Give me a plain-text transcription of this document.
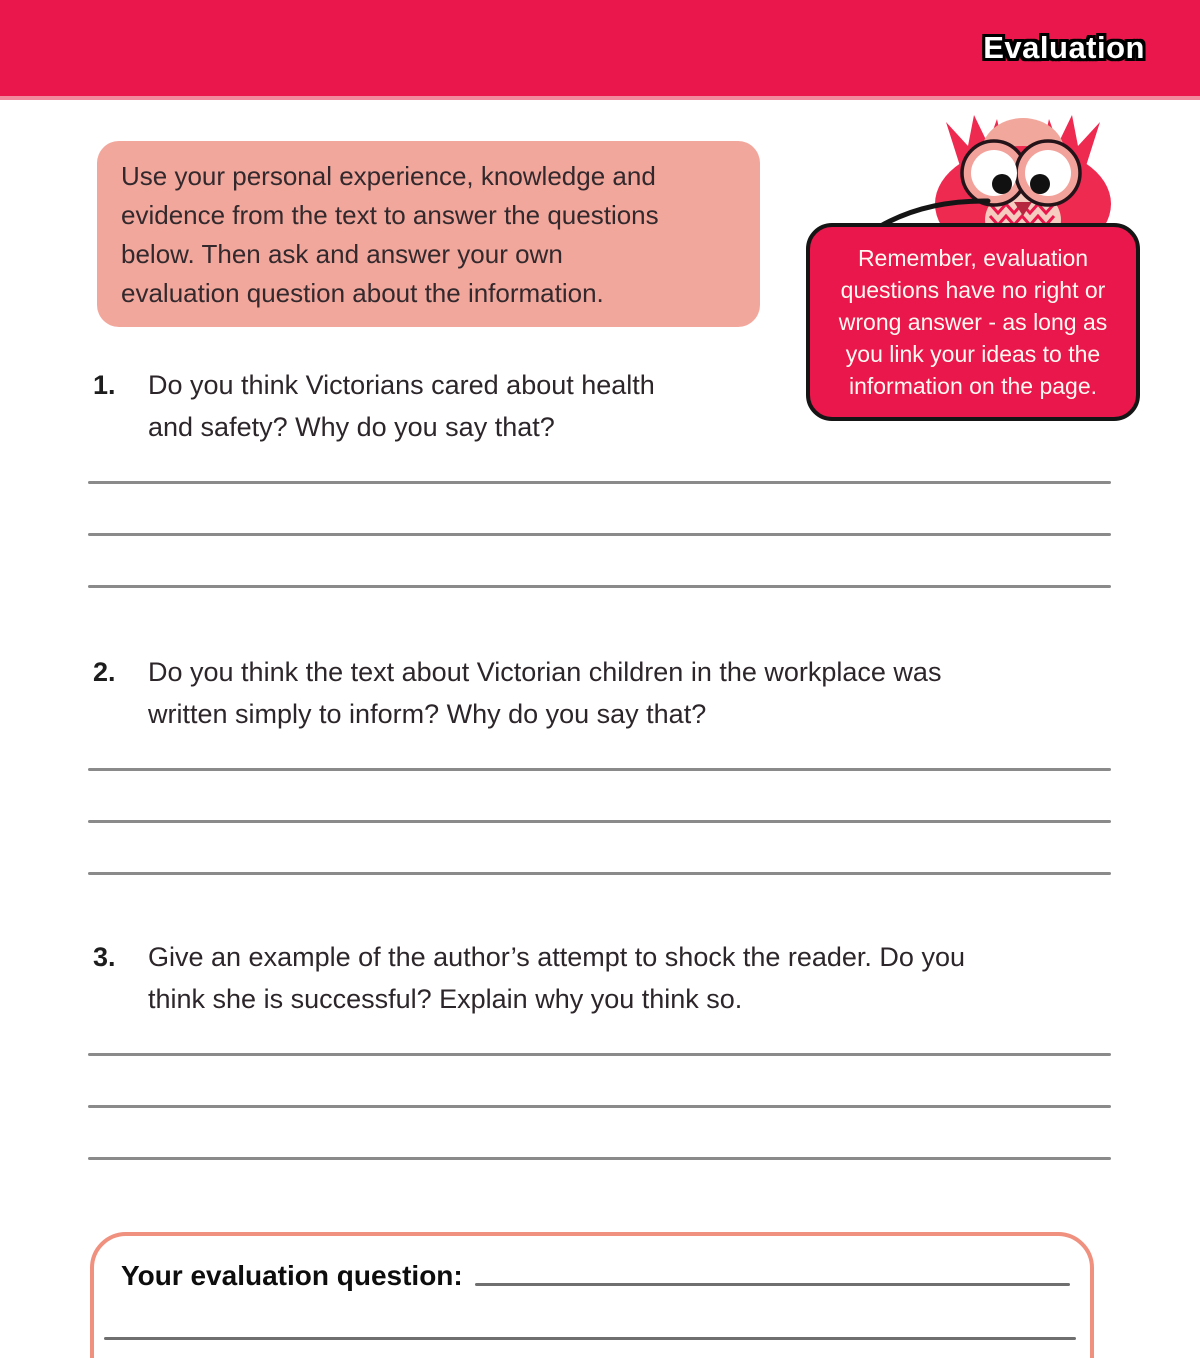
Evaluation

Use your personal experience, knowledge and
evidence from the text to answer the questions
below. Then ask and answer your own
evaluation question about the information.

Remember, evaluation
questions have no right or
wrong answer - as long as
you link your ideas to the
information on the page.

1.	Do you think Victorians cared about health
and safety? Why do you say that?
2.	Do you think the text about Victorian children in the workplace was
written simply to inform? Why do you say that?
3.	Give an example of the author’s attempt to shock the reader. Do you
think she is successful? Explain why you think so.
Your evaluation question:
